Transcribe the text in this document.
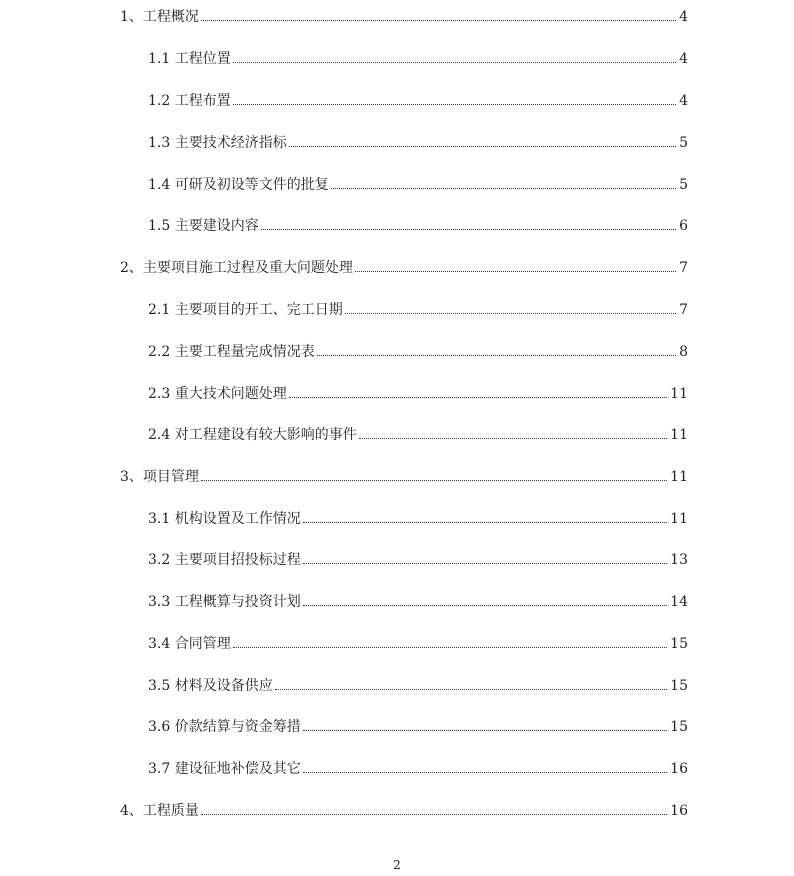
1、工程概况	4
1.1 工程位置	4
1.2 工程布置	4
1.3 主要技术经济指标	5
1.4 可研及初设等文件的批复	5
1.5 主要建设内容	6
2、主要项目施工过程及重大问题处理	7
2.1 主要项目的开工、完工日期	7
2.2 主要工程量完成情况表	8
2.3 重大技术问题处理	11
2.4 对工程建设有较大影响的事件	11
3、项目管理	11
3.1 机构设置及工作情况	11
3.2 主要项目招投标过程	13
3.3 工程概算与投资计划	14
3.4 合同管理	15
3.5 材料及设备供应	15
3.6 价款结算与资金筹措	15
3.7 建设征地补偿及其它	16
4、工程质量	16
2
